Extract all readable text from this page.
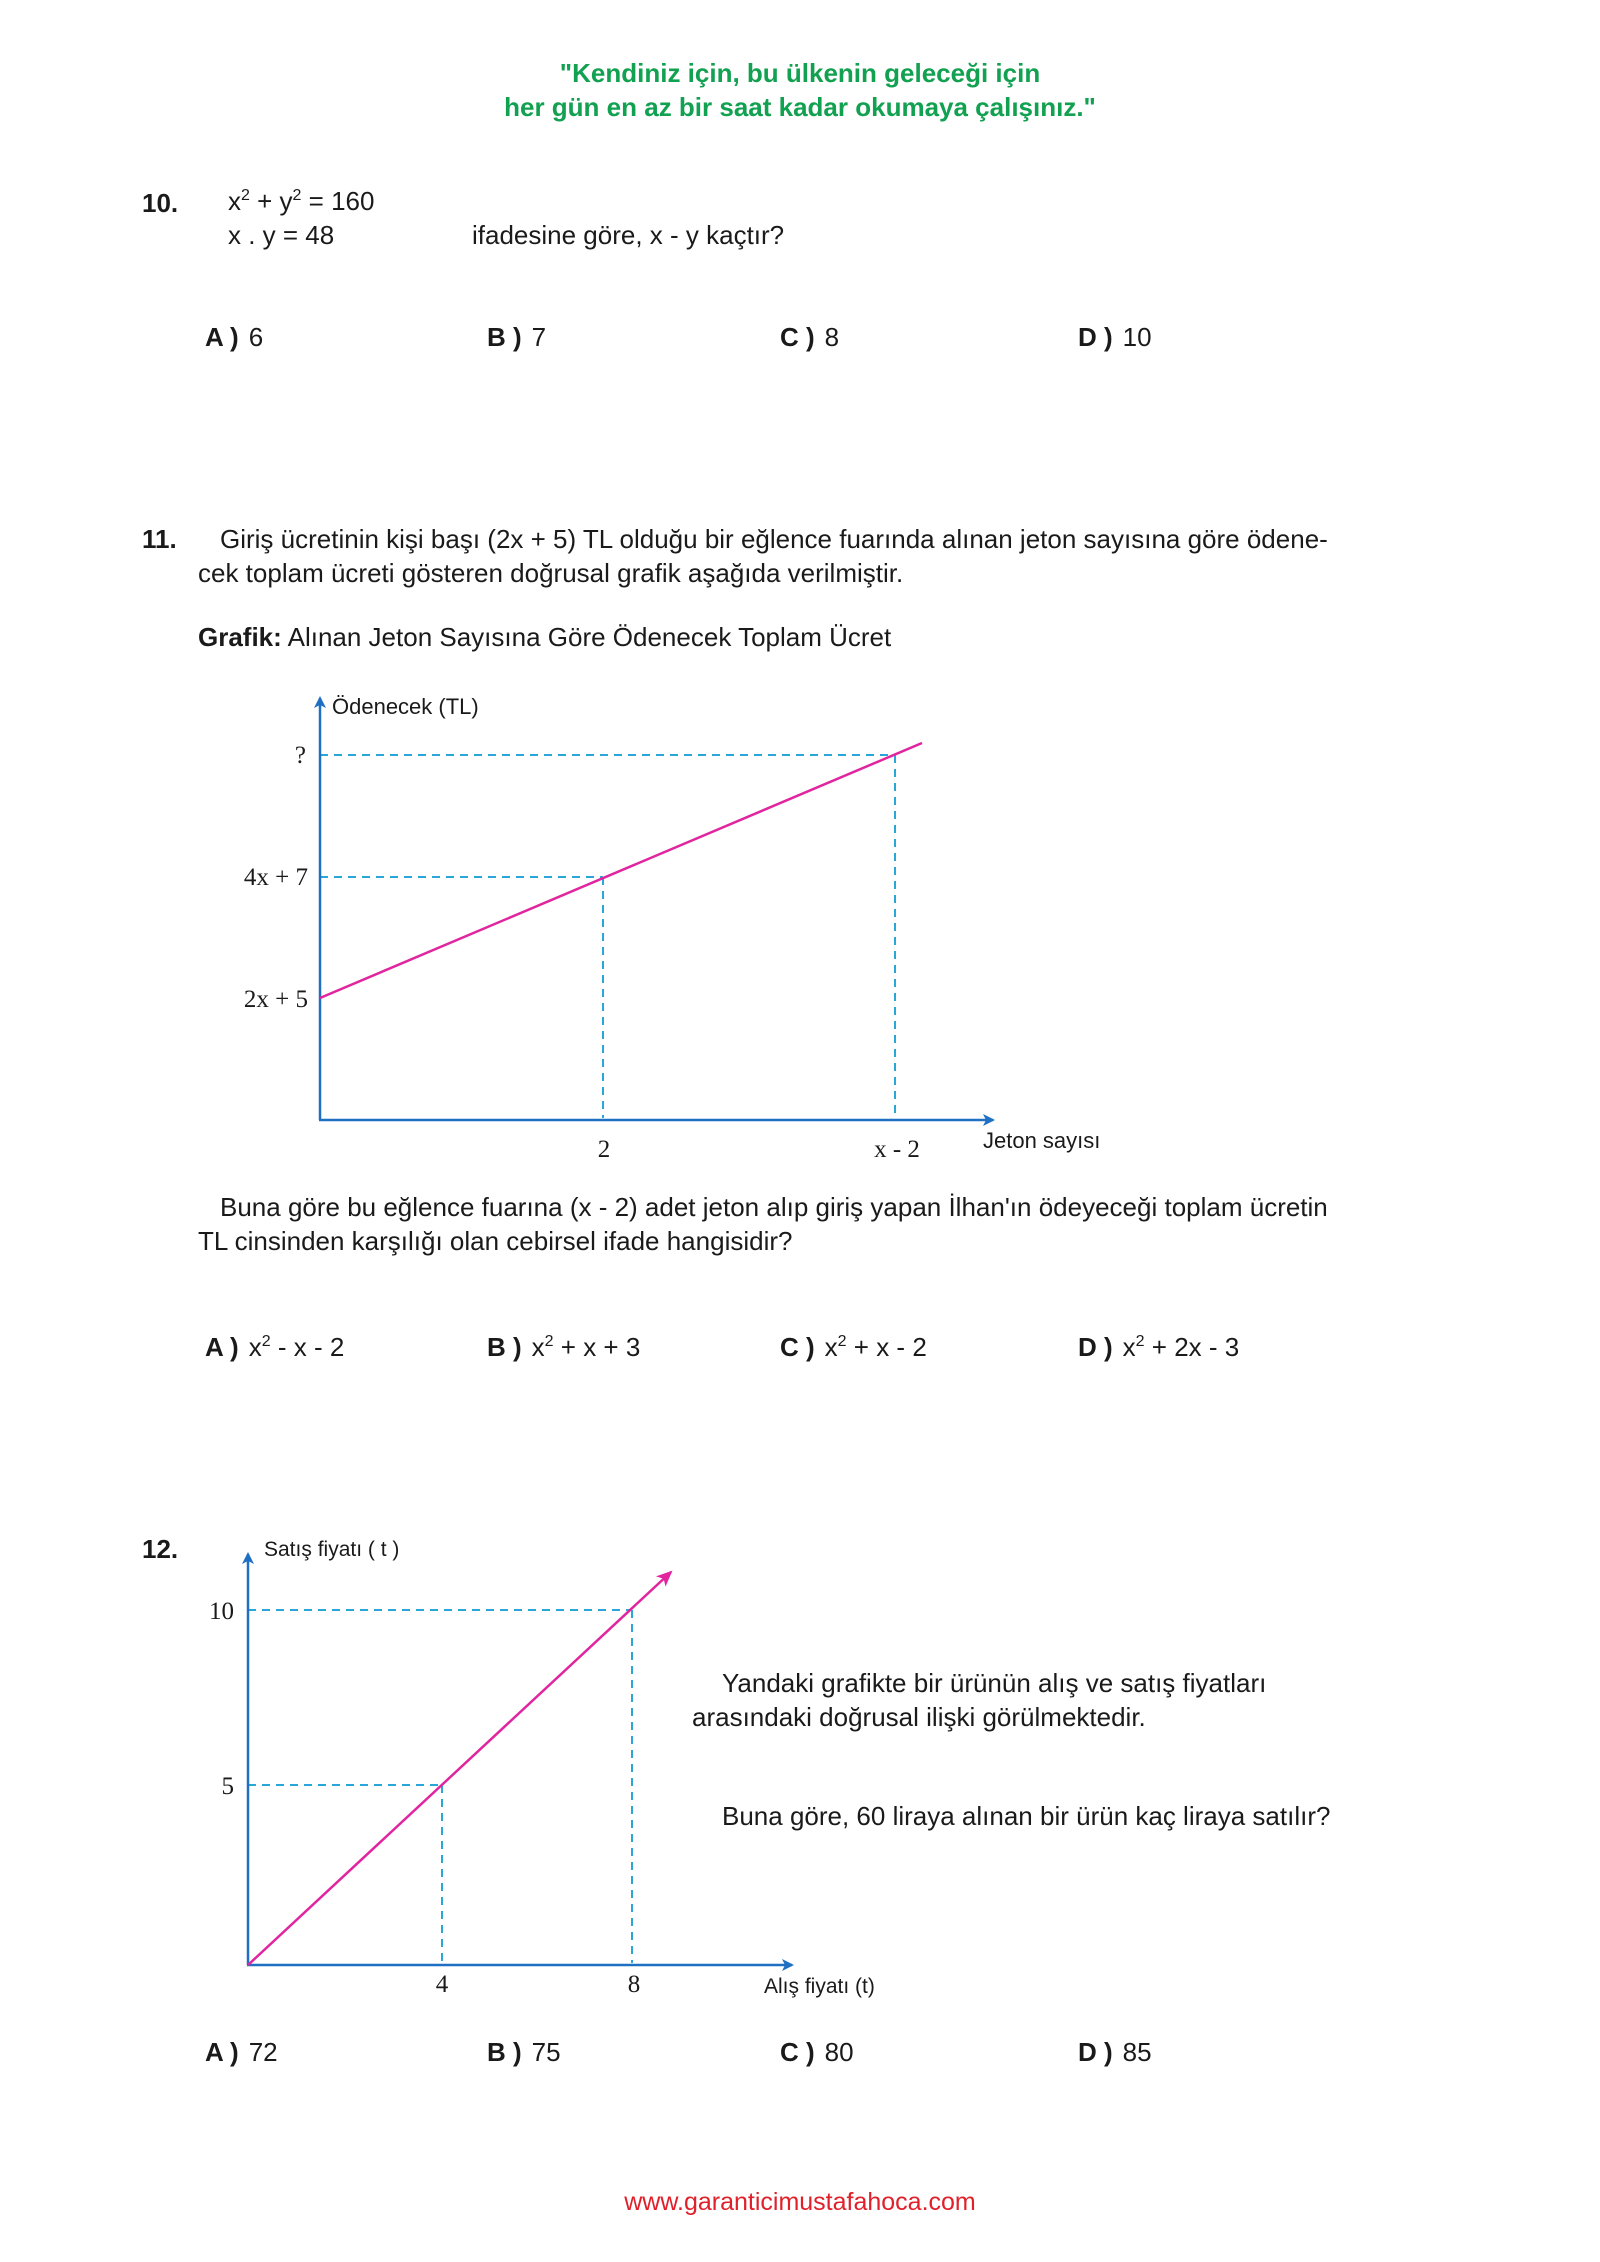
"Kendiniz için, bu ülkenin geleceği için
her gün en az bir saat kadar okumaya çalışınız."
10. $x^2 + y^2 = 160$
x . y = 48	ifadesine göre, x - y kaçtır?
A ) 6	B ) 7	C ) 8	D ) 10
11. Giriş ücretinin kişi başı (2x + 5) TL olduğu bir eğlence fuarında alınan jeton sayısına göre ödene-
cek toplam ücreti gösteren doğrusal grafik aşağıda verilmiştir.
Grafik: Alınan Jeton Sayısına Göre Ödenecek Toplam Ücret
Ödenecek (TL)
Jeton sayısı
?
4x + 7
2x + 5
2	x - 2
Satış fiyatı ( t )
Alış fiyatı (t)
10
5
4	8
Buna göre bu eğlence fuarına (x - 2) adet jeton alıp giriş yapan İlhan'ın ödeyeceği toplam ücretin
TL cinsinden karşılığı olan cebirsel ifade hangisidir?
A ) $x^2$ - x - 2	B ) $x^2 + x + 3$	C ) $x^2 + x - 2$	D ) $x^2 + 2x - 3$
12.
Yandaki grafikte bir ürünün alış ve satış fiyatları
arasındaki doğrusal ilişki görülmektedir.
Buna göre, 60 liraya alınan bir ürün kaç liraya satılır?
A ) 72	B ) 75	C ) 80	D ) 85
www.garanticimustafahoca.com
